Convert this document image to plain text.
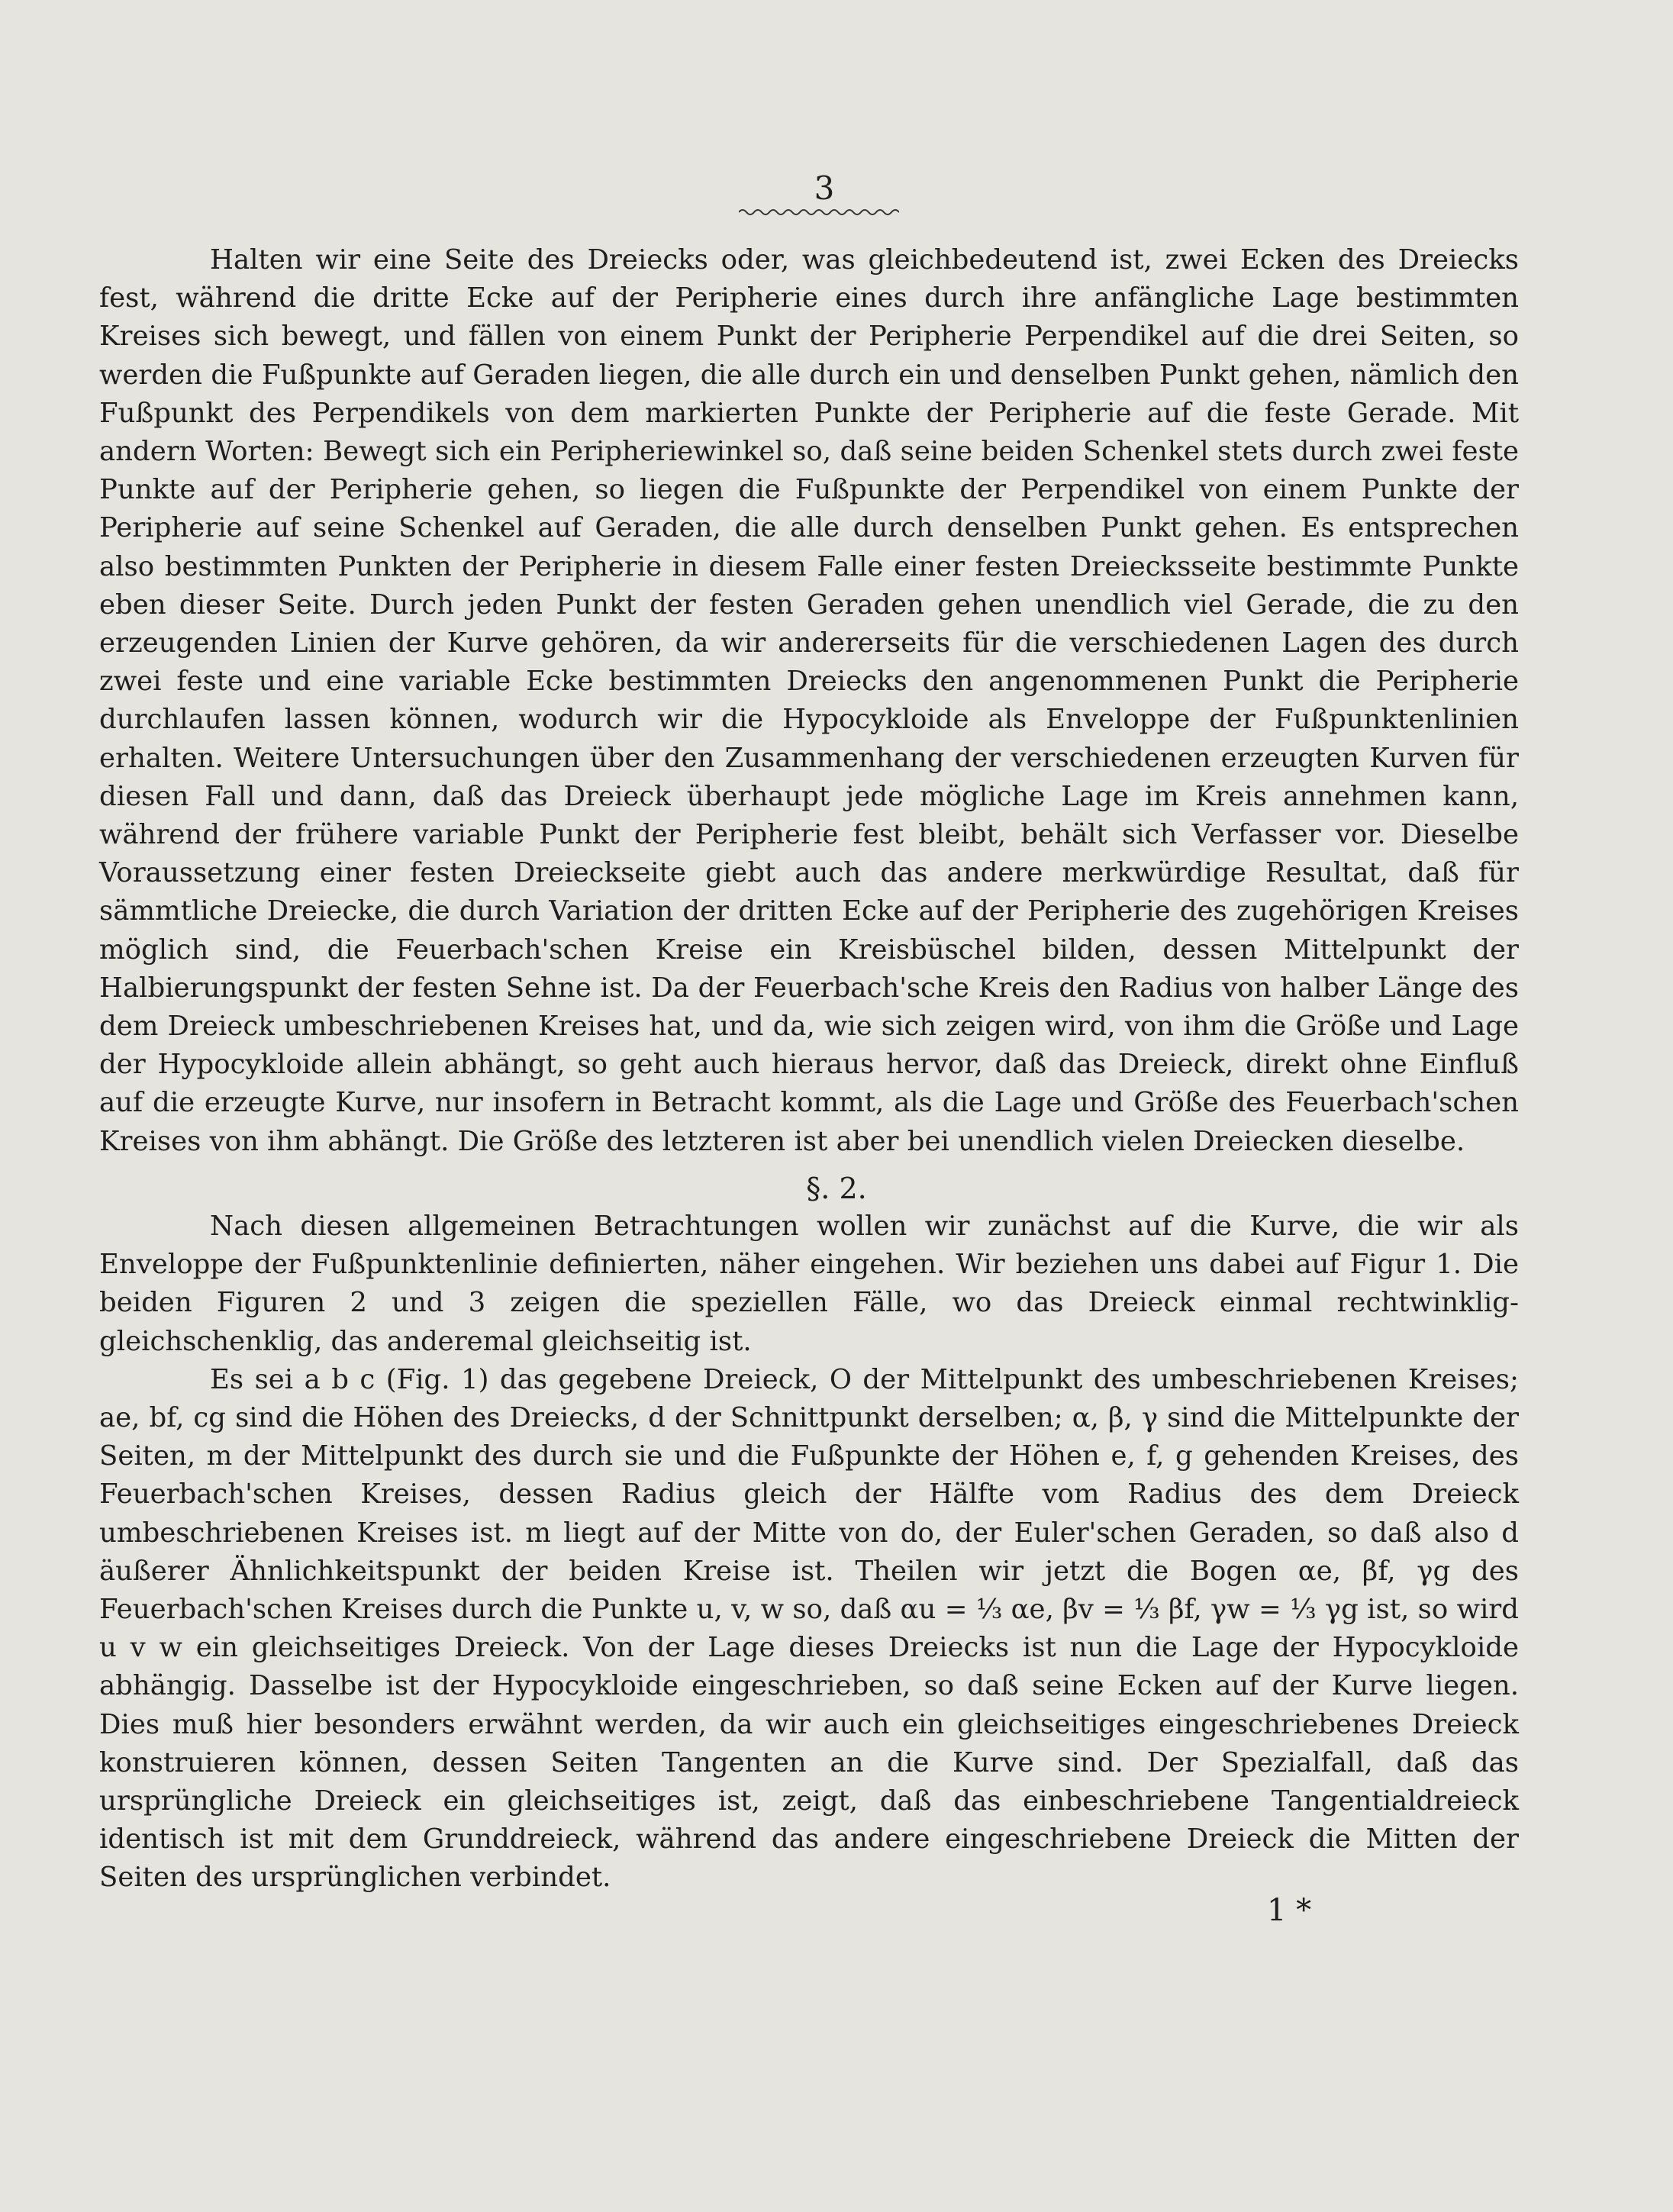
3

Halten wir eine Seite des Dreiecks oder, was gleichbedeutend ist, zwei Ecken des Dreiecks fest, während die dritte Ecke auf der Peripherie eines durch ihre anfängliche Lage bestimmten Kreises sich bewegt, und fällen von einem Punkt der Peripherie Perpendikel auf die drei Seiten, so werden die Fußpunkte auf Geraden liegen, die alle durch ein und denselben Punkt gehen, nämlich den Fußpunkt des Perpendikels von dem markierten Punkte der Peripherie auf die feste Gerade. Mit andern Worten: Bewegt sich ein Peripheriewinkel so, daß seine beiden Schenkel stets durch zwei feste Punkte auf der Peripherie gehen, so liegen die Fußpunkte der Perpendikel von einem Punkte der Peripherie auf seine Schenkel auf Geraden, die alle durch denselben Punkt gehen. Es entsprechen also bestimmten Punkten der Peripherie in diesem Falle einer festen Dreiecksseite bestimmte Punkte eben dieser Seite. Durch jeden Punkt der festen Geraden gehen unendlich viel Gerade, die zu den erzeugenden Linien der Kurve gehören, da wir andererseits für die verschiedenen Lagen des durch zwei feste und eine variable Ecke bestimmten Dreiecks den angenommenen Punkt die Peripherie durchlaufen lassen können, wodurch wir die Hypocykloide als Enveloppe der Fußpunktenlinien erhalten. Weitere Untersuchungen über den Zusammenhang der verschiedenen erzeugten Kurven für diesen Fall und dann, daß das Dreieck überhaupt jede mögliche Lage im Kreis annehmen kann, während der frühere variable Punkt der Peripherie fest bleibt, behält sich Verfasser vor. Dieselbe Voraussetzung einer festen Dreieckseite giebt auch das andere merkwürdige Resultat, daß für sämmtliche Dreiecke, die durch Variation der dritten Ecke auf der Peripherie des zugehörigen Kreises möglich sind, die Feuerbach'schen Kreise ein Kreisbüschel bilden, dessen Mittelpunkt der Halbierungspunkt der festen Sehne ist. Da der Feuerbach'sche Kreis den Radius von halber Länge des dem Dreieck umbeschriebenen Kreises hat, und da, wie sich zeigen wird, von ihm die Größe und Lage der Hypocykloide allein abhängt, so geht auch hieraus hervor, daß das Dreieck, direkt ohne Einfluß auf die erzeugte Kurve, nur insofern in Betracht kommt, als die Lage und Größe des Feuerbach'schen Kreises von ihm abhängt. Die Größe des letzteren ist aber bei unendlich vielen Dreiecken dieselbe.

§. 2.

Nach diesen allgemeinen Betrachtungen wollen wir zunächst auf die Kurve, die wir als Enveloppe der Fußpunktenlinie definierten, näher eingehen. Wir beziehen uns dabei auf Figur 1. Die beiden Figuren 2 und 3 zeigen die speziellen Fälle, wo das Dreieck einmal rechtwinklig-gleichschenklig, das anderemal gleichseitig ist.

Es sei a b c (Fig. 1) das gegebene Dreieck, O der Mittelpunkt des umbeschriebenen Kreises; ae, bf, cg sind die Höhen des Dreiecks, d der Schnittpunkt derselben; α, β, γ sind die Mittelpunkte der Seiten, m der Mittelpunkt des durch sie und die Fußpunkte der Höhen e, f, g gehenden Kreises, des Feuerbach'schen Kreises, dessen Radius gleich der Hälfte vom Radius des dem Dreieck umbeschriebenen Kreises ist. m liegt auf der Mitte von do, der Euler'schen Geraden, so daß also d äußerer Ähnlichkeitspunkt der beiden Kreise ist. Theilen wir jetzt die Bogen αe, βf, γg des Feuerbach'schen Kreises durch die Punkte u, v, w so, daß αu = ⅓ αe, βv = ⅓ βf, γw = ⅓ γg ist, so wird u v w ein gleichseitiges Dreieck. Von der Lage dieses Dreiecks ist nun die Lage der Hypocykloide abhängig. Dasselbe ist der Hypocykloide eingeschrieben, so daß seine Ecken auf der Kurve liegen. Dies muß hier besonders erwähnt werden, da wir auch ein gleichseitiges eingeschriebenes Dreieck konstruieren können, dessen Seiten Tangenten an die Kurve sind. Der Spezialfall, daß das ursprüngliche Dreieck ein gleichseitiges ist, zeigt, daß das einbeschriebene Tangentialdreieck identisch ist mit dem Grunddreieck, während das andere eingeschriebene Dreieck die Mitten der Seiten des ursprünglichen verbindet.

1 *
